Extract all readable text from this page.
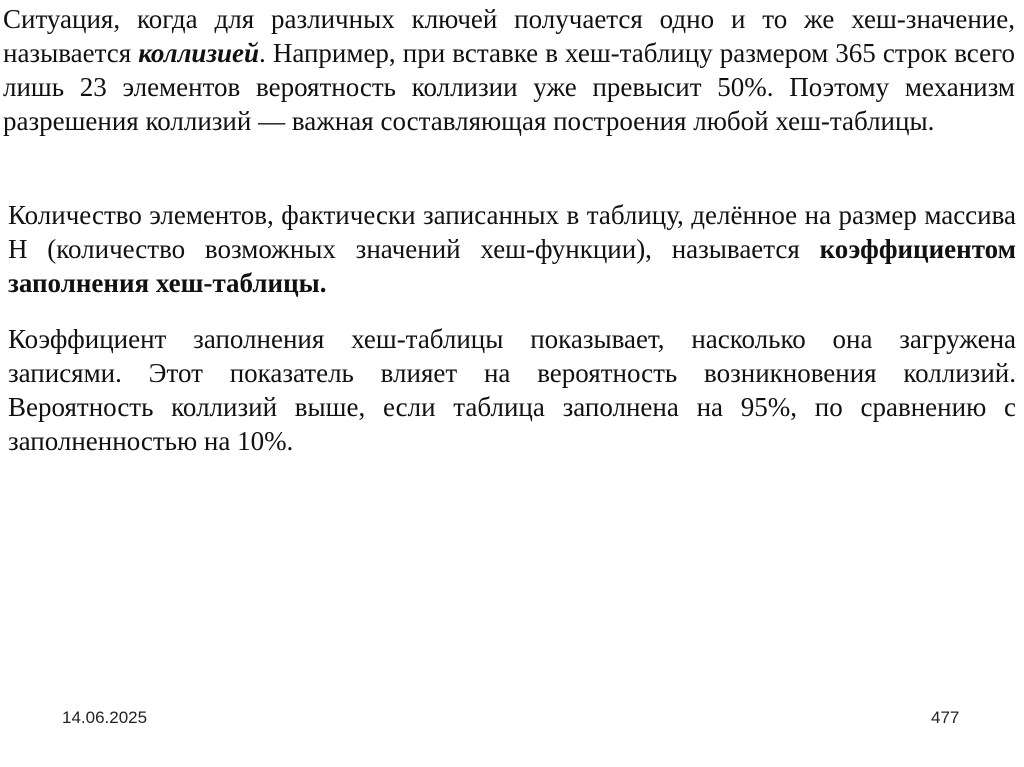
Ситуация, когда для различных ключей получается одно и то же хеш-значение, называется коллизией. Например, при вставке в хеш-таблицу размером 365 строк всего лишь 23 элементов вероятность коллизии уже превысит 50%. Поэтому механизм разрешения коллизий — важная составляющая построения любой хеш-таблицы.

Количество элементов, фактически записанных в таблицу, делённое на размер массива H (количество возможных значений хеш-функции), называется коэффициентом заполнения хеш-таблицы.

Коэффициент заполнения хеш-таблицы показывает, насколько она загружена записями. Этот показатель влияет на вероятность возникновения коллизий. Вероятность коллизий выше, если таблица заполнена на 95%, по сравнению с заполненностью на 10%.

14.06.2025	477
